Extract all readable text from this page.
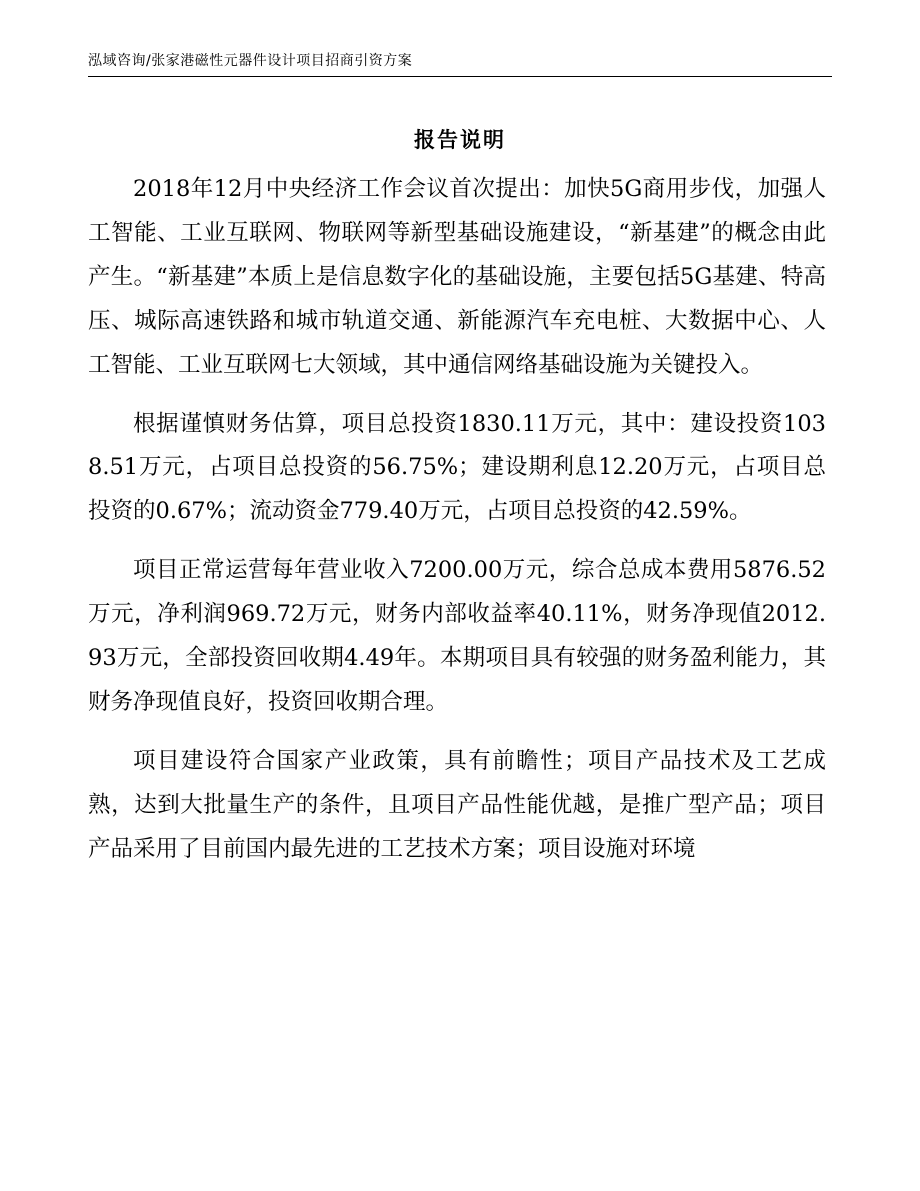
泓域咨询/张家港磁性元器件设计项目招商引资方案
报告说明

2018年12月中央经济工作会议首次提出：加快5G商用步伐，加强人工智能、工业互联网、物联网等新型基础设施建设，“新基建”的概念由此产生。“新基建”本质上是信息数字化的基础设施，主要包括5G基建、特高压、城际高速铁路和城市轨道交通、新能源汽车充电桩、大数据中心、人工智能、工业互联网七大领域，其中通信网络基础设施为关键投入。

根据谨慎财务估算，项目总投资1830.11万元，其中：建设投资1038.51万元，占项目总投资的56.75%；建设期利息12.20万元，占项目总投资的0.67%；流动资金779.40万元，占项目总投资的42.59%。

项目正常运营每年营业收入7200.00万元，综合总成本费用5876.52万元，净利润969.72万元，财务内部收益率40.11%，财务净现值2012.93万元，全部投资回收期4.49年。本期项目具有较强的财务盈利能力，其财务净现值良好，投资回收期合理。

项目建设符合国家产业政策，具有前瞻性；项目产品技术及工艺成熟，达到大批量生产的条件，且项目产品性能优越，是推广型产品；项目产品采用了目前国内最先进的工艺技术方案；项目设施对环境
